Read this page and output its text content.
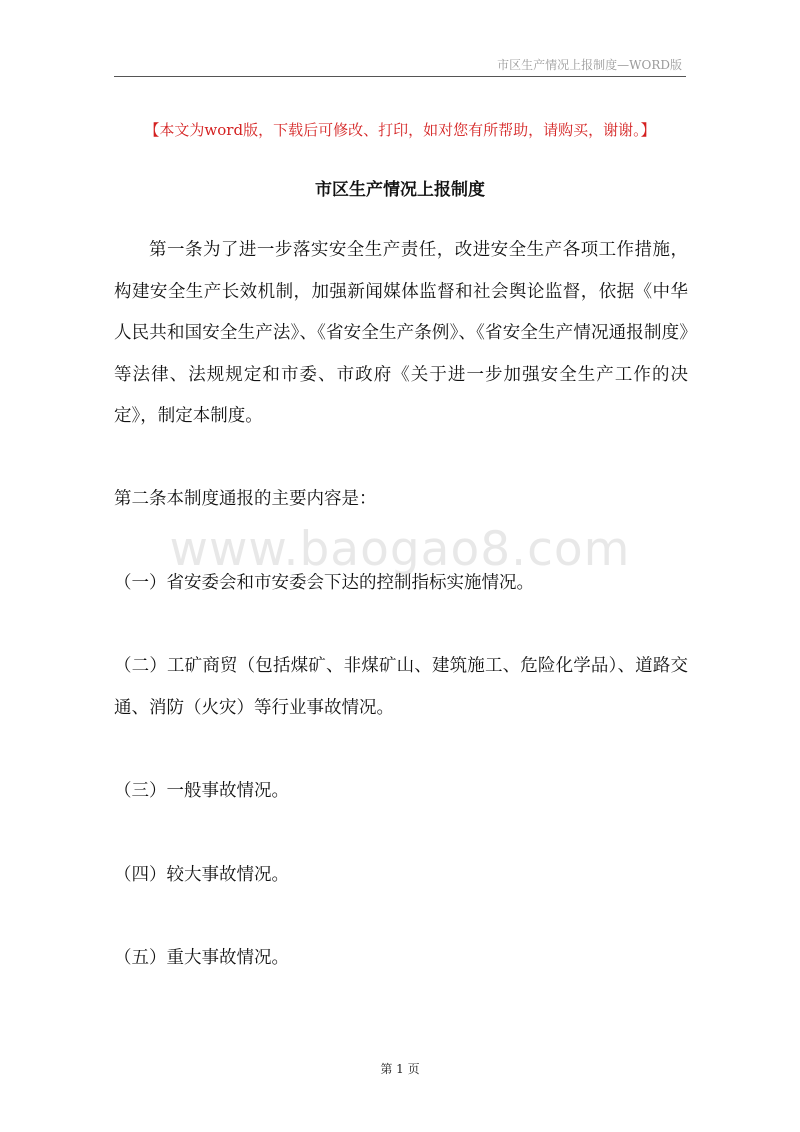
市区生产情况上报制度—WORD版
【本文为word版，下载后可修改、打印，如对您有所帮助，请购买，谢谢。】
市区生产情况上报制度

第一条为了进一步落实安全生产责任，改进安全生产各项工作措施，构建安全生产长效机制，加强新闻媒体监督和社会舆论监督，依据《中华人民共和国安全生产法》、《省安全生产条例》、《省安全生产情况通报制度》等法律、法规规定和市委、市政府《关于进一步加强安全生产工作的决定》，制定本制度。

第二条本制度通报的主要内容是：

（一）省安委会和市安委会下达的控制指标实施情况。

（二）工矿商贸（包括煤矿、非煤矿山、建筑施工、危险化学品）、道路交通、消防（火灾）等行业事故情况。

（三）一般事故情况。

（四）较大事故情况。

（五）重大事故情况。

www.baogao8.com
第 1 页
